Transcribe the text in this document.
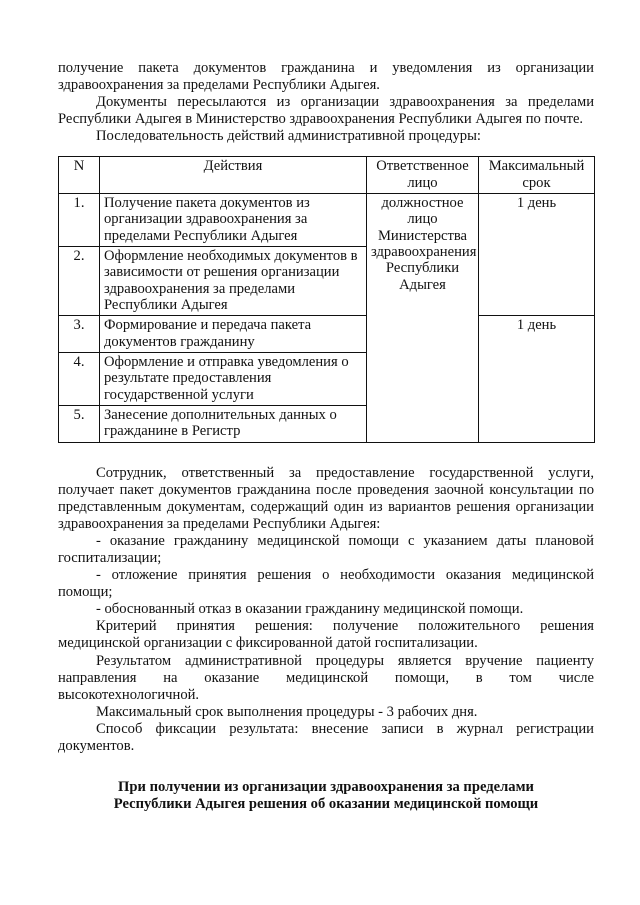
получение пакета документов гражданина и уведомления из организации

здравоохранения за пределами Республики Адыгея.

Документы пересылаются из организации здравоохранения за пределами

Республики Адыгея в Министерство здравоохранения Республики Адыгея по почте.

Последовательность действий административной процедуры:

N	Действия	Ответственное лицо	Максимальный срок
1.	Получение пакета документов из организации здравоохранения за пределами Республики Адыгея	должностное лицо Министерства здравоохранения Республики Адыгея	1 день
2.	Оформление необходимых документов в зависимости от решения организации здравоохранения за пределами Республики Адыгея		
3.	Формирование и передача пакета документов гражданину		1 день
4.	Оформление и отправка уведомления о результате предоставления государственной услуги		
5.	Занесение дополнительных данных о гражданине в Регистр		

Сотрудник, ответственный за предоставление государственной услуги, получает пакет документов гражданина после проведения заочной консультации по представленным документам, содержащий один из вариантов решения организации здравоохранения за пределами Республики Адыгея:

- оказание гражданину медицинской помощи с указанием даты плановой госпитализации;

- отложение принятия решения о необходимости оказания медицинской помощи;

- обоснованный отказ в оказании гражданину медицинской помощи.

Критерий принятия решения: получение положительного решения медицинской организации с фиксированной датой госпитализации.

Результатом административной процедуры является вручение пациенту

направления на оказание медицинской помощи, в том числе

высокотехнологичной.

Максимальный срок выполнения процедуры - 3 рабочих дня.

Способ фиксации результата: внесение записи в журнал регистрации документов.

При получении из организации здравоохранения за пределами
Республики Адыгея решения об оказании медицинской помощи
